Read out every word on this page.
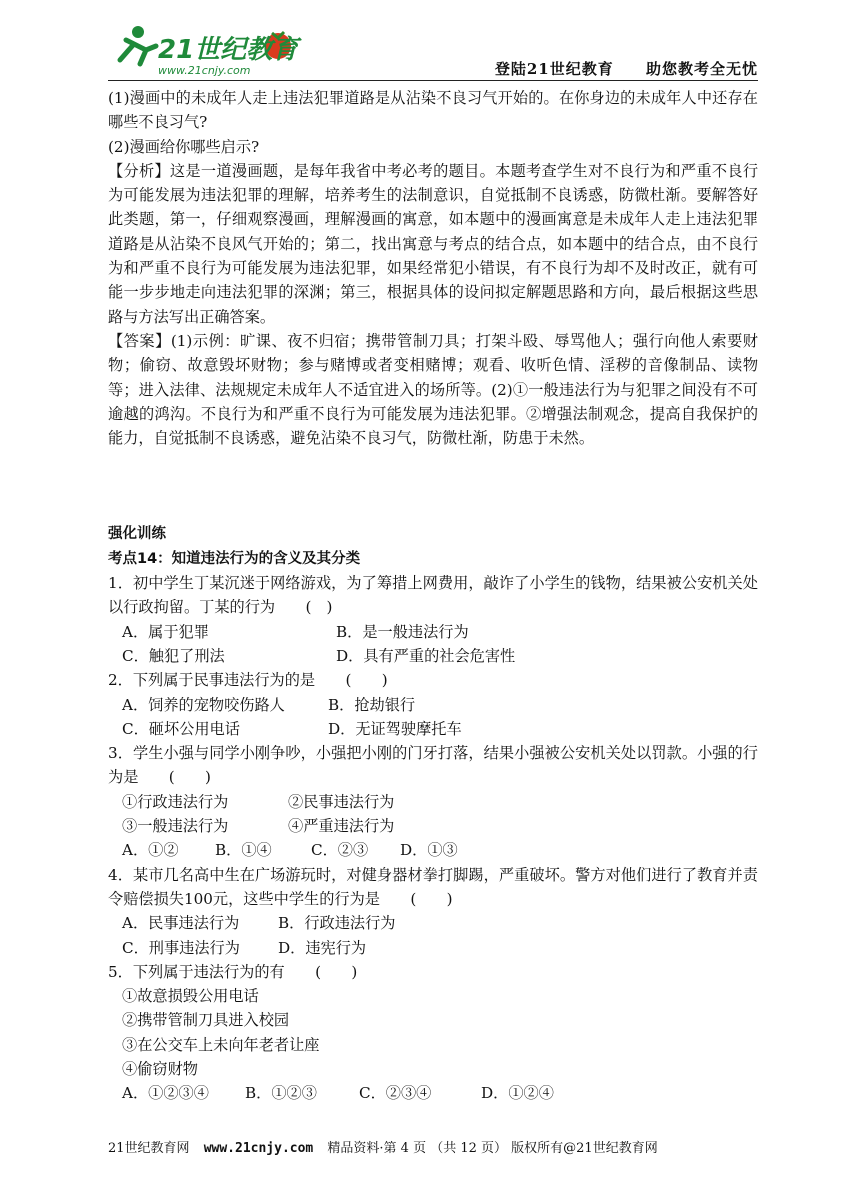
21世纪教育
www.21cnjy.com	登陆21世纪教育 助您教考全无忧

(1)漫画中的未成年人走上违法犯罪道路是从沾染不良习气开始的。在你身边的未成年人中还存在哪些不良习气?

(2)漫画给你哪些启示?

【分析】这是一道漫画题，是每年我省中考必考的题目。本题考查学生对不良行为和严重不良行为可能发展为违法犯罪的理解，培养考生的法制意识，自觉抵制不良诱惑，防微杜渐。要解答好此类题，第一，仔细观察漫画，理解漫画的寓意，如本题中的漫画寓意是未成年人走上违法犯罪道路是从沾染不良风气开始的；第二，找出寓意与考点的结合点，如本题中的结合点，由不良行为和严重不良行为可能发展为违法犯罪，如果经常犯小错误，有不良行为却不及时改正，就有可能一步步地走向违法犯罪的深渊；第三，根据具体的设问拟定解题思路和方向，最后根据这些思路与方法写出正确答案。

【答案】(1)示例：旷课、夜不归宿；携带管制刀具；打架斗殴、辱骂他人；强行向他人索要财物；偷窃、故意毁坏财物；参与赌博或者变相赌博；观看、收听色情、淫秽的音像制品、读物等；进入法律、法规规定未成年人不适宜进入的场所等。(2)①一般违法行为与犯罪之间没有不可逾越的鸿沟。不良行为和严重不良行为可能发展为违法犯罪。②增强法制观念，提高自我保护的能力，自觉抵制不良诱惑，避免沾染不良习气，防微杜渐，防患于未然。

强化训练

考点14：知道违法行为的含义及其分类

1．初中学生丁某沉迷于网络游戏，为了筹措上网费用，敲诈了小学生的钱物，结果被公安机关处以行政拘留。丁某的行为　　(　)

A．属于犯罪	B．是一般违法行为
C．触犯了刑法	D．具有严重的社会危害性

2．下列属于民事违法行为的是　　(　　)

A．饲养的宠物咬伤路人	B．抢劫银行
C．砸坏公用电话	D．无证驾驶摩托车

3．学生小强与同学小刚争吵，小强把小刚的门牙打落，结果小强被公安机关处以罚款。小强的行为是　　(　　)

①行政违法行为	②民事违法行为
③一般违法行为	④严重违法行为
A．①②	B．①④	C．②③	D．①③

4．某市几名高中生在广场游玩时，对健身器材拳打脚踢，严重破坏。警方对他们进行了教育并责令赔偿损失100元，这些中学生的行为是　　(　　)

A．民事违法行为	B．行政违法行为
C．刑事违法行为	D．违宪行为

5．下列属于违法行为的有　　(　　)

①故意损毁公用电话

②携带管制刀具进入校园

③在公交车上未向年老者让座

④偷窃财物

A．①②③④	B．①②③	C．②③④	D．①②④
21世纪教育网 www.21cnjy.com 精品资料·第 4 页 （共 12 页） 版权所有@21世纪教育网
